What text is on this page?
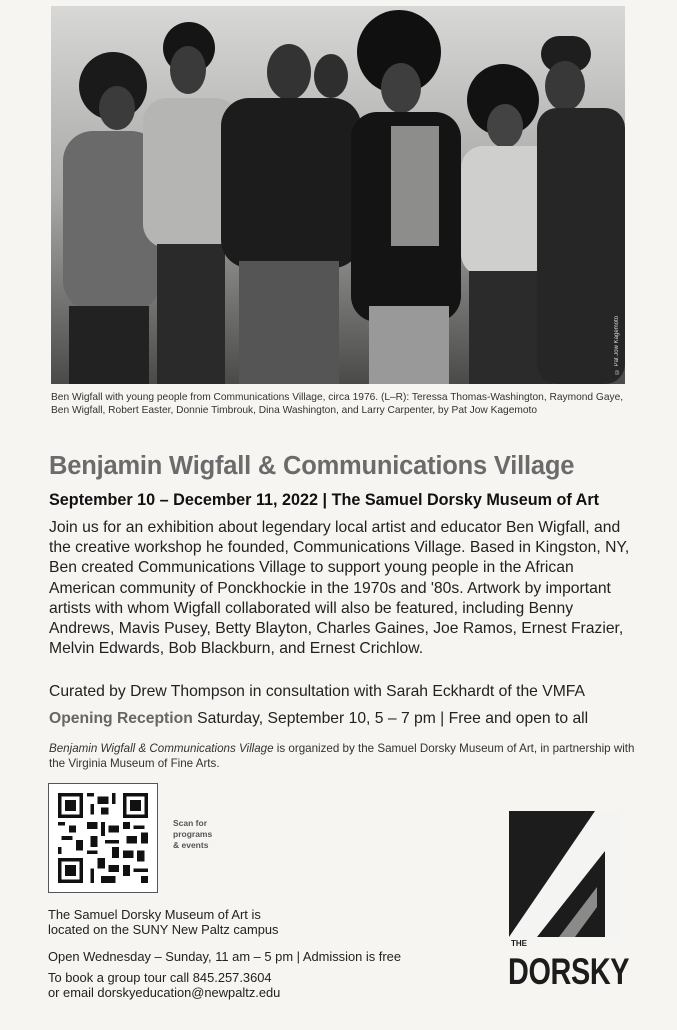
© Pat Jow Kagemoto

Ben Wigfall with young people from Communications Village, circa 1976. (L–R): Teressa Thomas-Washington, Raymond Gaye, Ben Wigfall, Robert Easter, Donnie Timbrouk, Dina Washington, and Larry Carpenter, by Pat Jow Kagemoto

Benjamin Wigfall & Communications Village
September 10 – December 11, 2022 | The Samuel Dorsky Museum of Art

Join us for an exhibition about legendary local artist and educator Ben Wigfall, and the creative workshop he founded, Communications Village. Based in Kingston, NY, Ben created Communications Village to support young people in the African American community of Ponckhockie in the 1970s and '80s. Artwork by important artists with whom Wigfall collaborated will also be featured, including Benny Andrews, Mavis Pusey, Betty Blayton, Charles Gaines, Joe Ramos, Ernest Frazier, Melvin Edwards, Bob Blackburn, and Ernest Crichlow.

Curated by Drew Thompson in consultation with Sarah Eckhardt of the VMFA

Opening Reception Saturday, September 10, 5 – 7 pm | Free and open to all

Benjamin Wigfall & Communications Village is organized by the Samuel Dorsky Museum of Art, in partnership with the Virginia Museum of Fine Arts.

Scan for
programs
& events

The Samuel Dorsky Museum of Art is
located on the SUNY New Paltz campus

Open Wednesday – Sunday, 11 am – 5 pm | Admission is free

To book a group tour call 845.257.3604
or email dorskyeducation@newpaltz.edu

THE
DORSKY
